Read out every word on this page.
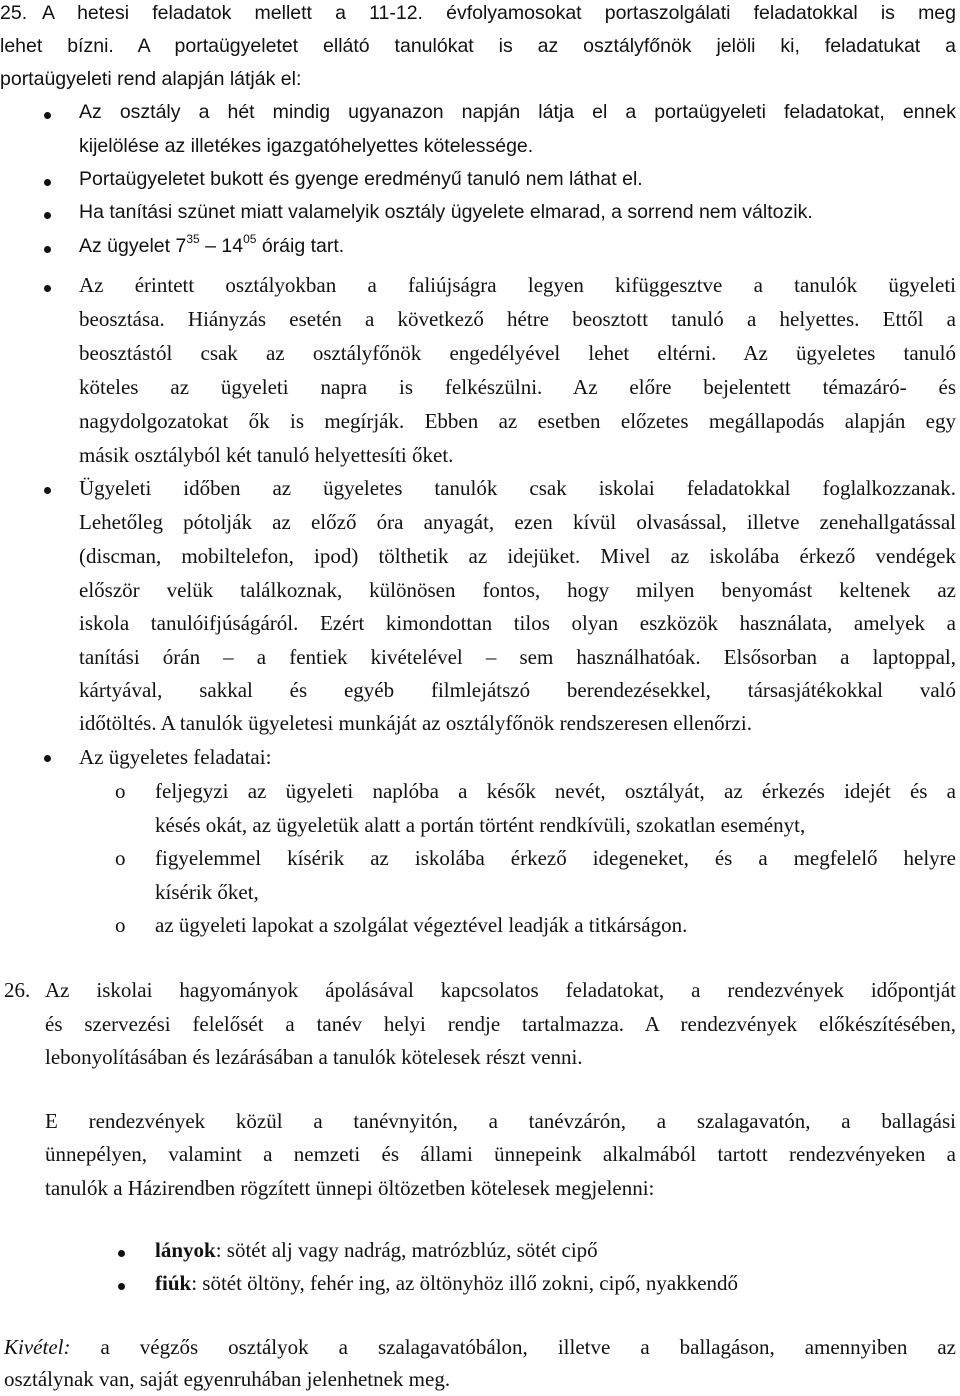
25. A hetesi feladatok mellett a 11-12. évfolyamosokat portaszolgálati feladatokkal is meg
lehet bízni. A portaügyeletet ellátó tanulókat is az osztályfőnök jelöli ki, feladatukat a
portaügyeleti rend alapján látják el:
Az osztály a hét mindig ugyanazon napján látja el a portaügyeleti feladatokat, ennek
kijelölése az illetékes igazgatóhelyettes kötelessége.
Portaügyeletet bukott és gyenge eredményű tanuló nem láthat el.
Ha tanítási szünet miatt valamelyik osztály ügyelete elmarad, a sorrend nem változik.
Az ügyelet $7^{35} - 14^{05}$ óráig tart.
Az érintett osztályokban a faliújságra legyen kifüggesztve a tanulók ügyeleti
beosztása. Hiányzás esetén a következő hétre beosztott tanuló a helyettes. Ettől a
beosztástól csak az osztályfőnök engedélyével lehet eltérni. Az ügyeletes tanuló
köteles az ügyeleti napra is felkészülni. Az előre bejelentett témazáró- és
nagydolgozatokat ők is megírják. Ebben az esetben előzetes megállapodás alapján egy
másik osztályból két tanuló helyettesíti őket.
Ügyeleti időben az ügyeletes tanulók csak iskolai feladatokkal foglalkozzanak.
Lehetőleg pótolják az előző óra anyagát, ezen kívül olvasással, illetve zenehallgatással
(discman, mobiltelefon, ipod) tölthetik az idejüket. Mivel az iskolába érkező vendégek
először velük találkoznak, különösen fontos, hogy milyen benyomást keltenek az
iskola tanulóifjúságáról. Ezért kimondottan tilos olyan eszközök használata, amelyek a
tanítási órán – a fentiek kivételével – sem használhatóak. Elsősorban a laptoppal,
kártyával, sakkal és egyéb filmlejátszó berendezésekkel, társasjátékokkal való
időtöltés. A tanulók ügyeletesi munkáját az osztályfőnök rendszeresen ellenőrzi.
Az ügyeletes feladatai:
o feljegyzi az ügyeleti naplóba a késők nevét, osztályát, az érkezés idejét és a
késés okát, az ügyeletük alatt a portán történt rendkívüli, szokatlan eseményt,
o figyelemmel kísérik az iskolába érkező idegeneket, és a megfelelő helyre
kísérik őket,
o az ügyeleti lapokat a szolgálat végeztével leadják a titkárságon.
26. Az iskolai hagyományok ápolásával kapcsolatos feladatokat, a rendezvények időpontját
és szervezési felelősét a tanév helyi rendje tartalmazza. A rendezvények előkészítésében,
lebonyolításában és lezárásában a tanulók kötelesek részt venni.
E rendezvények közül a tanévnyitón, a tanévzárón, a szalagavatón, a ballagási
ünnepélyen, valamint a nemzeti és állami ünnepeink alkalmából tartott rendezvényeken a
tanulók a Házirendben rögzített ünnepi öltözetben kötelesek megjelenni:
lányok: sötét alj vagy nadrág, matrózblúz, sötét cipő
fiúk: sötét öltöny, fehér ing, az öltönyhöz illő zokni, cipő, nyakkendő
Kivétel: a végzős osztályok a szalagavatóbálon, illetve a ballagáson, amennyiben az
osztálynak van, saját egyenruhában jelenhetnek meg.
